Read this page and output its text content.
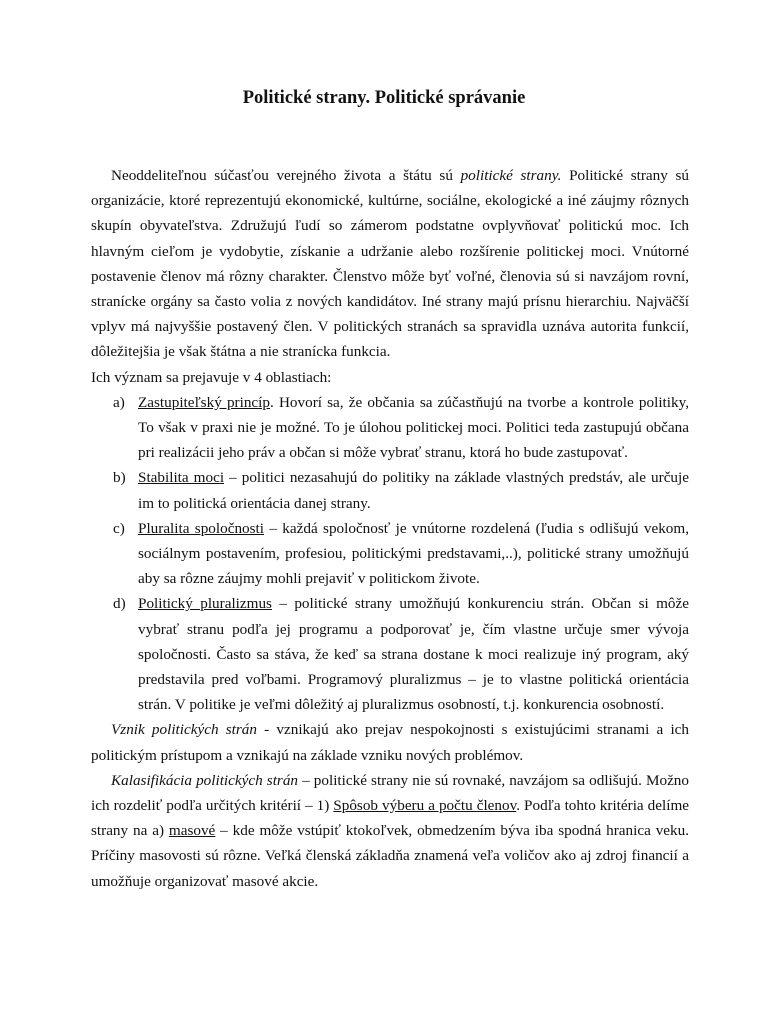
Politické strany. Politické správanie

Neoddeliteľnou súčasťou verejného života a štátu sú politické strany. Politické strany sú organizácie, ktoré reprezentujú ekonomické, kultúrne, sociálne, ekologické a iné záujmy rôznych skupín obyvateľstva. Združujú ľudí so zámerom podstatne ovplyvňovať politickú moc. Ich hlavným cieľom je vydobytie, získanie a udržanie alebo rozšírenie politickej moci. Vnútorné postavenie členov má rôzny charakter. Členstvo môže byť voľné, členovia sú si navzájom rovní, stranícke orgány sa často volia z nových kandidátov. Iné strany majú prísnu hierarchiu. Najväčší vplyv má najvyššie postavený člen. V politických stranách sa spravidla uznáva autorita funkcií, dôležitejšia je však štátna a nie stranícka funkcia.

Ich význam sa prejavuje v 4 oblastiach:

a) Zastupiteľský princíp. Hovorí sa, že občania sa zúčastňujú na tvorbe a kontrole politiky, To však v praxi nie je možné. To je úlohou politickej moci. Politici teda zastupujú občana pri realizácii jeho práv a občan si môže vybrať stranu, ktorá ho bude zastupovať.
b) Stabilita moci – politici nezasahujú do politiky na základe vlastných predstáv, ale určuje im to politická orientácia danej strany.
c) Pluralita spoločnosti – každá spoločnosť je vnútorne rozdelená (ľudia s odlišujú vekom, sociálnym postavením, profesiou, politickými predstavami,..), politické strany umožňujú aby sa rôzne záujmy mohli prejaviť v politickom živote.
d) Politický pluralizmus – politické strany umožňujú konkurenciu strán. Občan si môže vybrať stranu podľa jej programu a podporovať je, čím vlastne určuje smer vývoja spoločnosti. Často sa stáva, že keď sa strana dostane k moci realizuje iný program, aký predstavila pred voľbami. Programový pluralizmus – je to vlastne politická orientácia strán. V politike je veľmi dôležitý aj pluralizmus osobností, t.j. konkurencia osobností.

Vznik politických strán - vznikajú ako prejav nespokojnosti s existujúcimi stranami a ich politickým prístupom a vznikajú na základe vzniku nových problémov.

Kalasifikácia politických strán – politické strany nie sú rovnaké, navzájom sa odlišujú. Možno ich rozdeliť podľa určitých kritérií – 1) Spôsob výberu a počtu členov. Podľa tohto kritéria delíme strany na a) masové – kde môže vstúpiť ktokoľvek, obmedzením býva iba spodná hranica veku. Príčiny masovosti sú rôzne. Veľká členská základňa znamená veľa voličov ako aj zdroj financií a umožňuje organizovať masové akcie.
